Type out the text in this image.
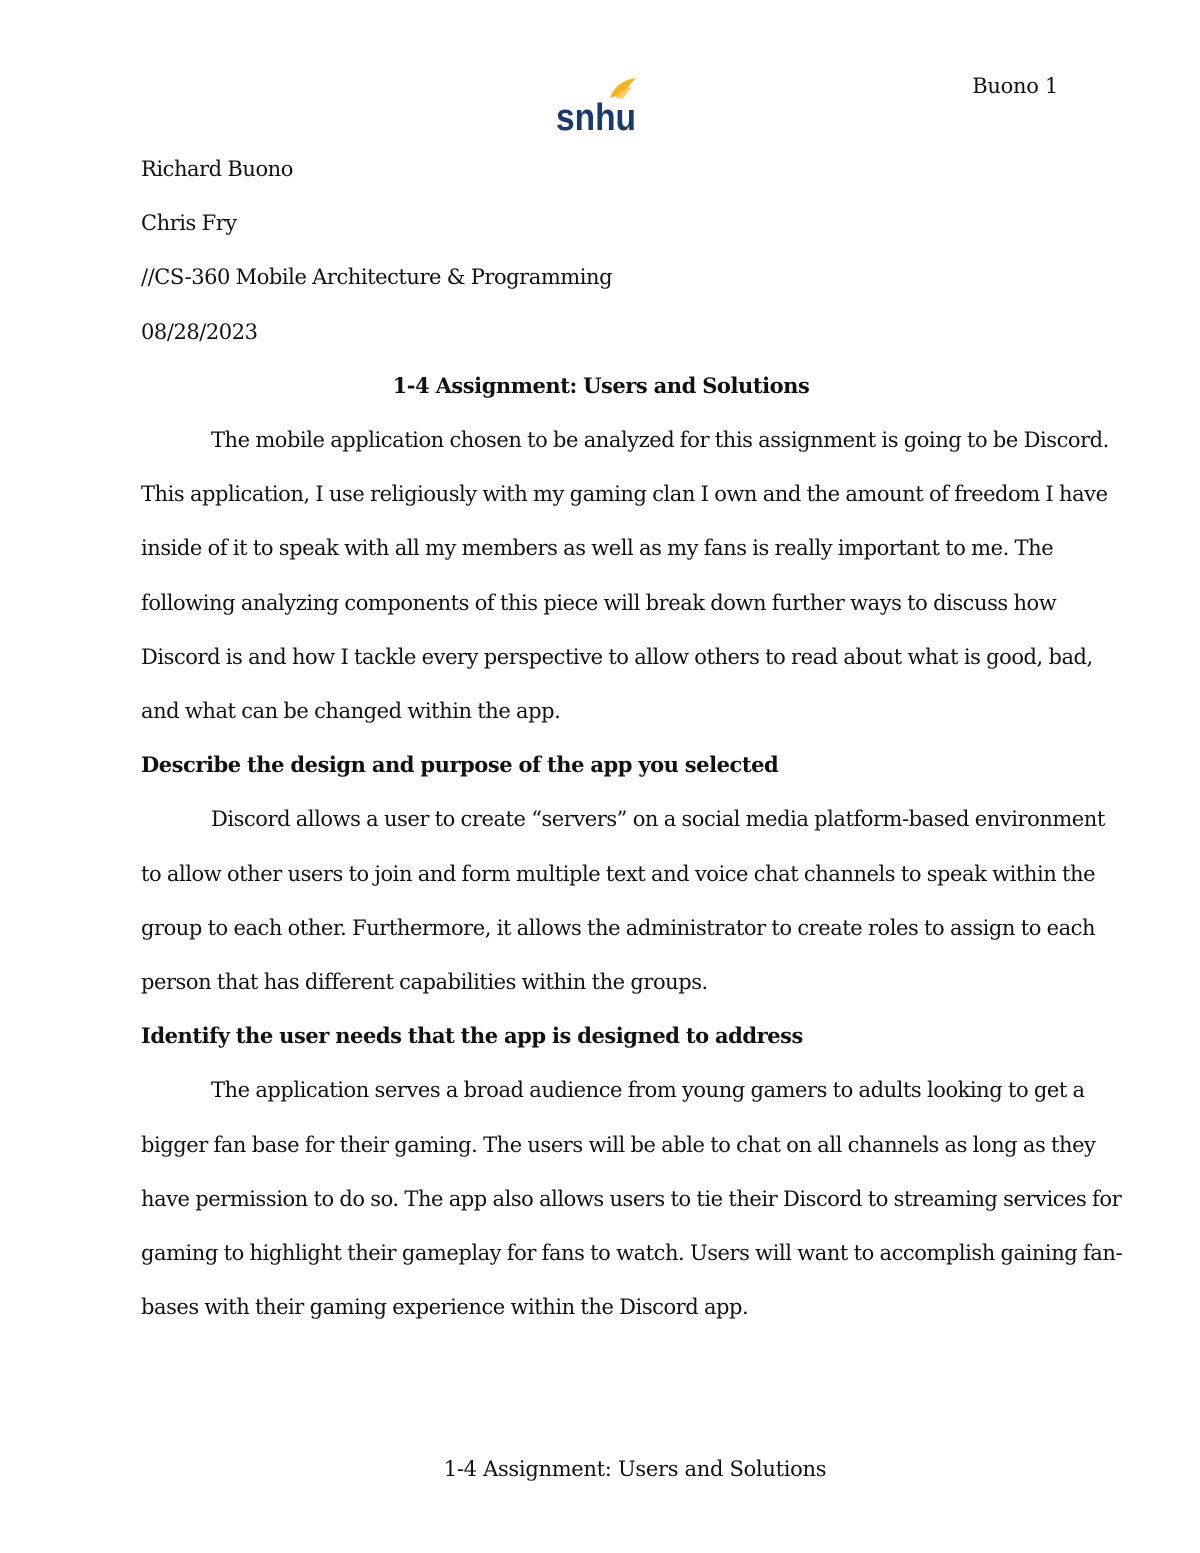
Buono 1
snhu

Richard Buono

Chris Fry

//CS-360 Mobile Architecture & Programming

08/28/2023

1-4 Assignment: Users and Solutions

The mobile application chosen to be analyzed for this assignment is going to be Discord.

This application, I use religiously with my gaming clan I own and the amount of freedom I have

inside of it to speak with all my members as well as my fans is really important to me. The

following analyzing components of this piece will break down further ways to discuss how

Discord is and how I tackle every perspective to allow others to read about what is good, bad,

and what can be changed within the app.

Describe the design and purpose of the app you selected

Discord allows a user to create “servers” on a social media platform-based environment

to allow other users to join and form multiple text and voice chat channels to speak within the

group to each other. Furthermore, it allows the administrator to create roles to assign to each

person that has different capabilities within the groups.

Identify the user needs that the app is designed to address

The application serves a broad audience from young gamers to adults looking to get a

bigger fan base for their gaming. The users will be able to chat on all channels as long as they

have permission to do so. The app also allows users to tie their Discord to streaming services for

gaming to highlight their gameplay for fans to watch. Users will want to accomplish gaining fan-

bases with their gaming experience within the Discord app.

1-4 Assignment: Users and Solutions
